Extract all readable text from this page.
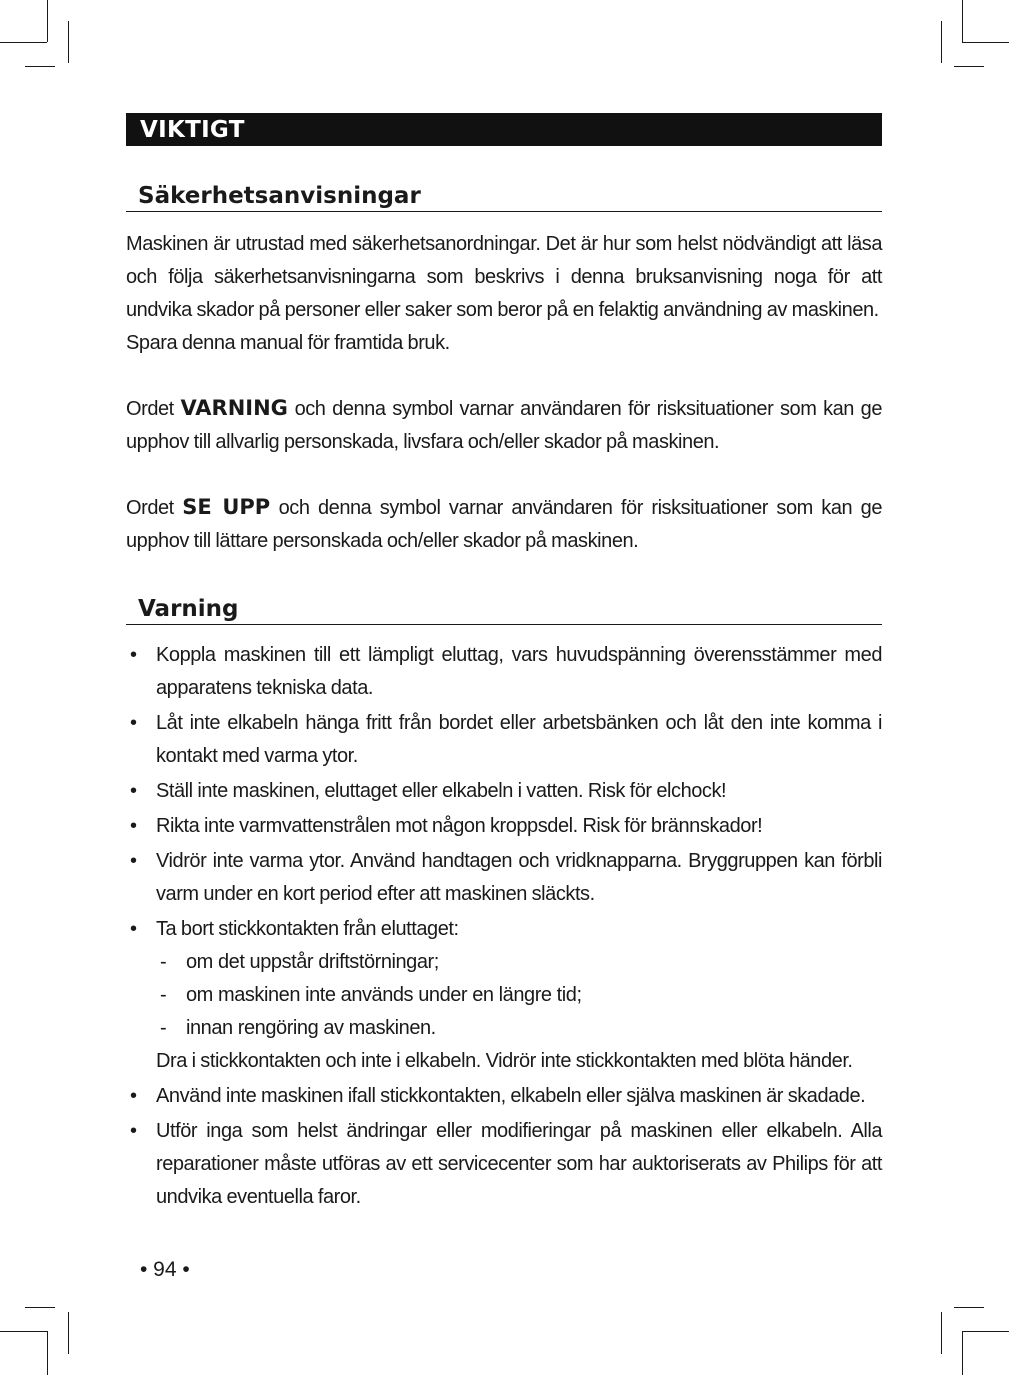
VIKTIGT
Säkerhetsanvisningar

Maskinen är utrustad med säkerhetsanordningar. Det är hur som helst nödvändigt att läsa och följa säkerhetsanvisningarna som beskrivs i denna bruksanvisning noga för att undvika skador på personer eller saker som beror på en felaktig användning av maskinen.

Spara denna manual för framtida bruk.

Ordet VARNING och denna symbol varnar användaren för risksituationer som kan ge upphov till allvarlig personskada, livsfara och/eller skador på maskinen.

Ordet SE UPP och denna symbol varnar användaren för risksituationer som kan ge upphov till lättare personskada och/eller skador på maskinen.

Varning
• Koppla maskinen till ett lämpligt eluttag, vars huvudspänning överensstämmer med apparatens tekniska data.

• Låt inte elkabeln hänga fritt från bordet eller arbetsbänken och låt den inte komma i kontakt med varma ytor.

• Ställ inte maskinen, eluttaget eller elkabeln i vatten. Risk för elchock!

• Rikta inte varmvattenstrålen mot någon kroppsdel. Risk för brännskador!

• Vidrör inte varma ytor. Använd handtagen och vridknapparna. Bryggruppen kan förbli varm under en kort period efter att maskinen släckts.

• Ta bort stickkontakten från eluttaget:

- om det uppstår driftstörningar;
- om maskinen inte används under en längre tid;
- innan rengöring av maskinen.

Dra i stickkontakten och inte i elkabeln. Vidrör inte stickkontakten med blöta händer.

• Använd inte maskinen ifall stickkontakten, elkabeln eller själva maskinen är skadade.

• Utför inga som helst ändringar eller modifieringar på maskinen eller elkabeln. Alla reparationer måste utföras av ett servicecenter som har auktoriserats av Philips för att undvika eventuella faror.

• 94 •
